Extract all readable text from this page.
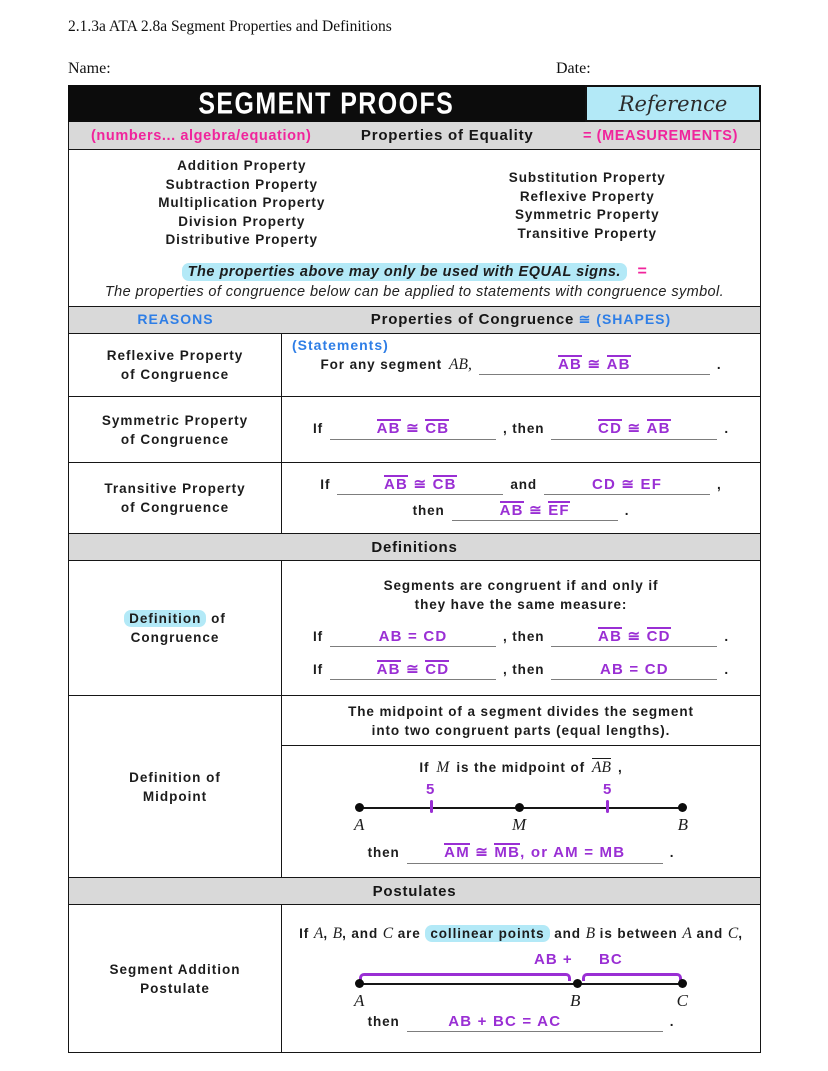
2.1.3a ATA 2.8a Segment Properties and Definitions
Name:	Date:
SEGMENT PROOFS	Reference
(numbers... algebra/equation)	Properties of Equality	= (MEASUREMENTS)
Addition Property
Subtraction Property
Multiplication Property
Division Property
Distributive Property
Substitution Property
Reflexive Property
Symmetric Property
Transitive Property
The properties above may only be used with EQUAL signs. =
The properties of congruence below can be applied to statements with congruence symbol.
REASONS	Properties of Congruence ≅ (SHAPES)
Reflexive Property
of Congruence
(Statements)
For any segment AB,	AB ≅ AB	.
Symmetric Property
of Congruence
If	AB ≅ CB	, then	CD ≅ AB	.
Transitive Property
of Congruence
If	AB ≅ CB	and	CD ≅ EF	,
then	AB ≅ EF	.
Definitions
Definition of
Congruence
Segments are congruent if and only if
they have the same measure:
If	AB = CD	, then	AB ≅ CD	.
If	AB ≅ CD	, then	AB = CD	.
Definition of
Midpoint
The midpoint of a segment divides the segment
into two congruent parts (equal lengths).
If M is the midpoint of $\overline{AB}$ ,
5	5
A	M	B
then	AM ≅ MB, or AM = MB	.
Postulates
Segment Addition
Postulate
If A, B, and C are collinear points and B is between A and C,
AB + BC
A	B	C
then	AB + BC = AC	.
